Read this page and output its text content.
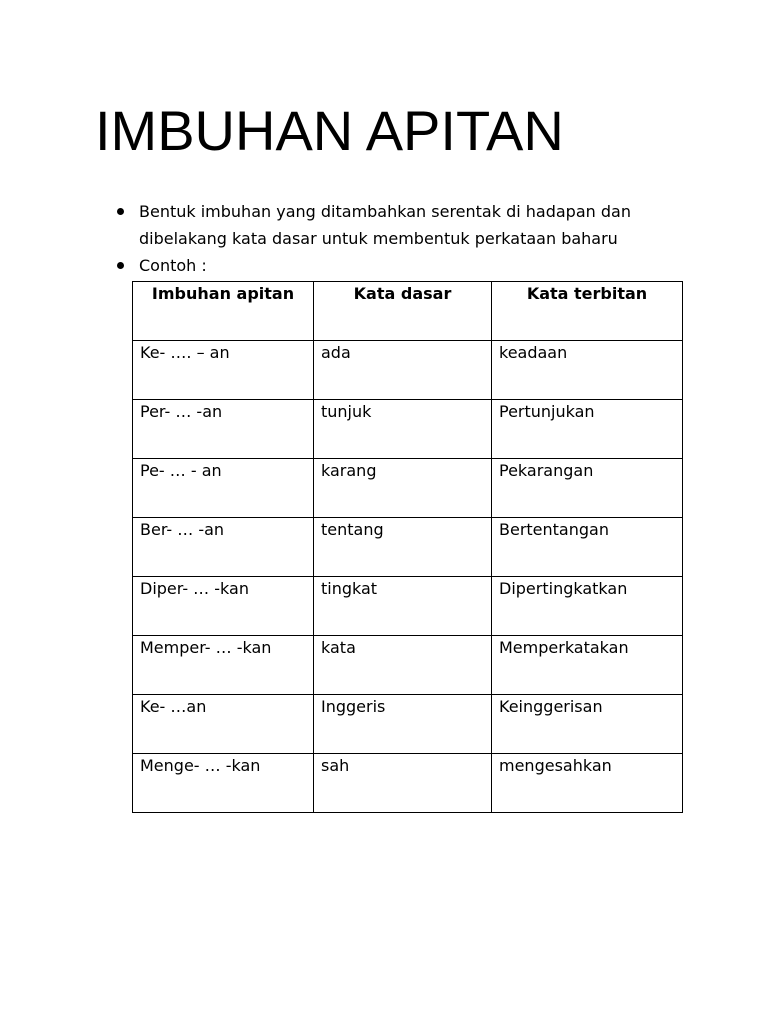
IMBUHAN APITAN
Bentuk imbuhan yang ditambahkan serentak di hadapan dan dibelakang kata dasar untuk membentuk perkataan baharu
Contoh :
Imbuhan apitan	Kata dasar	Kata terbitan
Ke- …. – an	ada	keadaan
Per- … -an	tunjuk	Pertunjukan
Pe- … - an	karang	Pekarangan
Ber- … -an	tentang	Bertentangan
Diper- … -kan	tingkat	Dipertingkatkan
Memper- … -kan	kata	Memperkatakan
Ke- …an	Inggeris	Keinggerisan
Menge- … -kan	sah	mengesahkan
